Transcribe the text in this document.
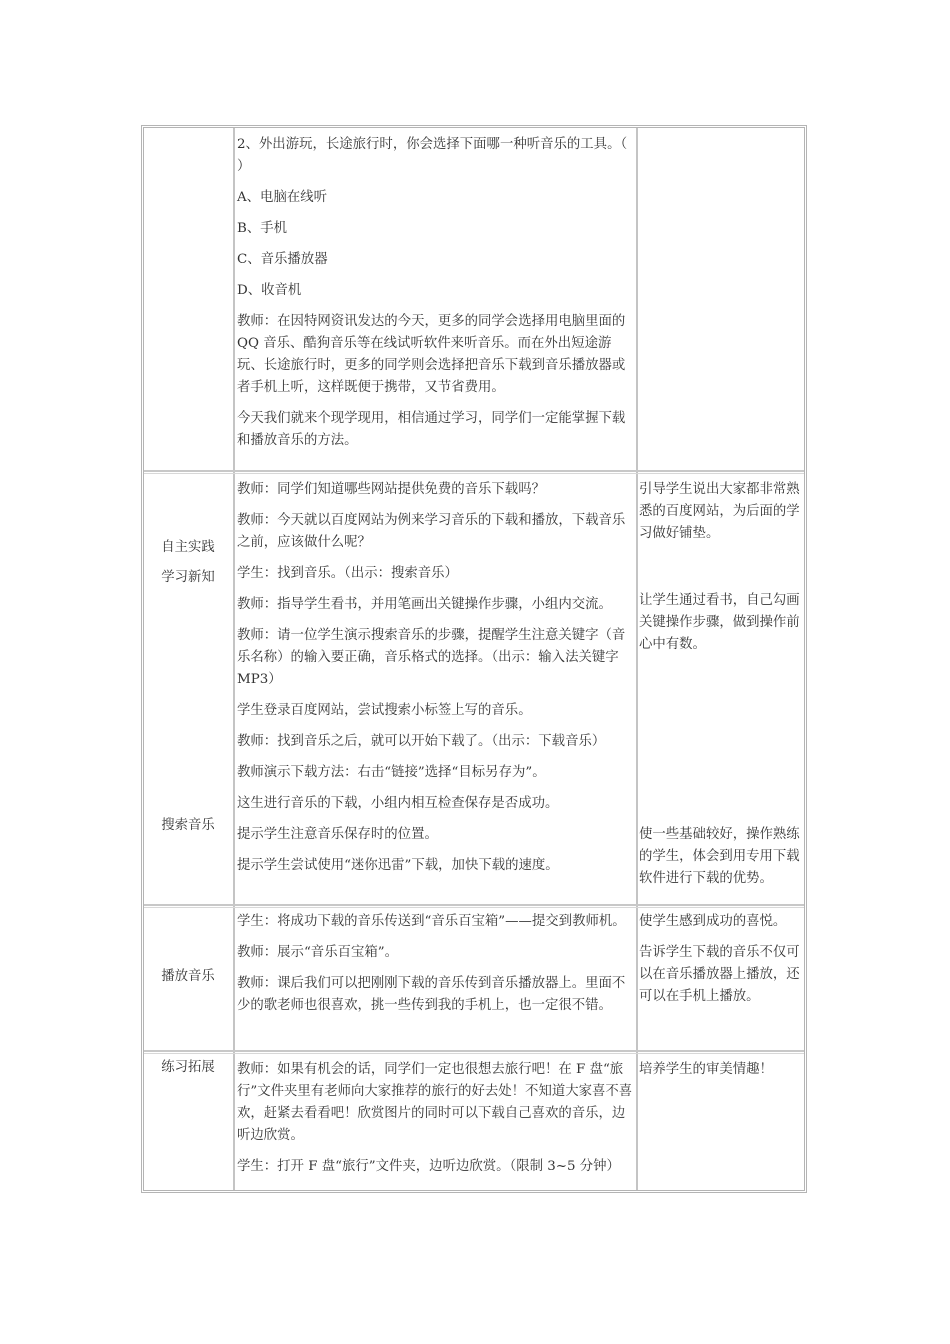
2、外出游玩，长途旅行时，你会选择下面哪一种听音乐的工具。（ ）

A、电脑在线听

B、手机

C、音乐播放器

D、收音机

教师：在因特网资讯发达的今天，更多的同学会选择用电脑里面的 QQ 音乐、酷狗音乐等在线试听软件来听音乐。而在外出短途游玩、长途旅行时，更多的同学则会选择把音乐下载到音乐播放器或者手机上听，这样既便于携带，又节省费用。

今天我们就来个现学现用，相信通过学习，同学们一定能掌握下载和播放音乐的方法。

自主实践
学习新知
搜索音乐

教师：同学们知道哪些网站提供免费的音乐下载吗？

教师：今天就以百度网站为例来学习音乐的下载和播放，下载音乐之前，应该做什么呢？

学生：找到音乐。（出示：搜索音乐）

教师：指导学生看书，并用笔画出关键操作步骤，小组内交流。

教师：请一位学生演示搜索音乐的步骤，提醒学生注意关键字（音乐名称）的输入要正确，音乐格式的选择。（出示：输入法关键字MP3）

学生登录百度网站，尝试搜索小标签上写的音乐。

教师：找到音乐之后，就可以开始下载了。（出示：下载音乐）

教师演示下载方法：右击“链接”选择“目标另存为”。

这生进行音乐的下载，小组内相互检查保存是否成功。

提示学生注意音乐保存时的位置。

提示学生尝试使用“迷你迅雷”下载，加快下载的速度。

引导学生说出大家都非常熟悉的百度网站，为后面的学习做好铺垫。
让学生通过看书，自己勾画关键操作步骤，做到操作前心中有数。
使一些基础较好，操作熟练的学生，体会到用专用下载软件进行下载的优势。
播放音乐

学生：将成功下载的音乐传送到“音乐百宝箱”——提交到教师机。

教师：展示“音乐百宝箱”。

教师：课后我们可以把刚刚下载的音乐传到音乐播放器上。里面不少的歌老师也很喜欢，挑一些传到我的手机上，也一定很不错。

使学生感到成功的喜悦。

告诉学生下载的音乐不仅可以在音乐播放器上播放，还可以在手机上播放。

练习拓展	教师：如果有机会的话，同学们一定也很想去旅行吧！在 F 盘“旅行”文件夹里有老师向大家推荐的旅行的好去处！不知道大家喜不喜欢，赶紧去看看吧！欣赏图片的同时可以下载自己喜欢的音乐，边听边欣赏。

学生：打开 F 盘“旅行”文件夹，边听边欣赏。（限制 3~5 分钟）

培养学生的审美情趣！
